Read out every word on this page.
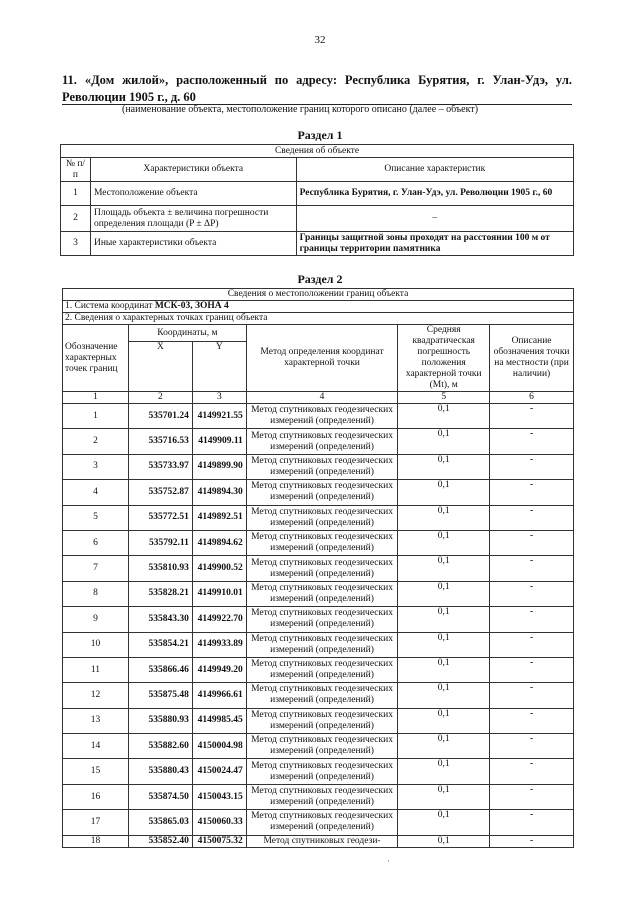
32
11. «Дом жилой», расположенный по адресу: Республика Бурятия, г. Улан-Удэ, ул. Революции 1905 г., д. 60
(наименование объекта, местоположение границ которого описано (далее – объект)
Раздел 1
Сведения об объекте		
№ п/п	Характеристики объекта	Описание характеристик
1	Местоположение объекта	Республика Бурятия, г. Улан-Удэ, ул. Революции 1905 г., 60
2	Площадь объекта ± величина погрешности определения площади (P ± ΔP)	–
3	Иные характеристики объекта	Границы защитной зоны проходят на расстоянии 100 м от границы территории памятника
Раздел 2
Сведения о местоположении границ объекта					
1. Система координат МСК-03, ЗОНА 4					
2. Сведения о характерных точках границ объекта					
Обозначение характерных точек границ	Координаты, м		Метод определения координат характерной точки	Средняя квадратическая погрешность положения характерной точки (Mt), м	Описание обозначения точки на местности (при наличии)
	X	Y			
1	2	3	4	5	6
1	535701.24	4149921.55	Метод спутниковых геодезических измерений (определений)	0,1	-
2	535716.53	4149909.11	Метод спутниковых геодезических измерений (определений)	0,1	-
3	535733.97	4149899.90	Метод спутниковых геодезических измерений (определений)	0,1	-
4	535752.87	4149894.30	Метод спутниковых геодезических измерений (определений)	0,1	-
5	535772.51	4149892.51	Метод спутниковых геодезических измерений (определений)	0,1	-
6	535792.11	4149894.62	Метод спутниковых геодезических измерений (определений)	0,1	-
7	535810.93	4149900.52	Метод спутниковых геодезических измерений (определений)	0,1	-
8	535828.21	4149910.01	Метод спутниковых геодезических измерений (определений)	0,1	-
9	535843.30	4149922.70	Метод спутниковых геодезических измерений (определений)	0,1	-
10	535854.21	4149933.89	Метод спутниковых геодезических измерений (определений)	0,1	-
11	535866.46	4149949.20	Метод спутниковых геодезических измерений (определений)	0,1	-
12	535875.48	4149966.61	Метод спутниковых геодезических измерений (определений)	0,1	-
13	535880.93	4149985.45	Метод спутниковых геодезических измерений (определений)	0,1	-
14	535882.60	4150004.98	Метод спутниковых геодезических измерений (определений)	0,1	-
15	535880.43	4150024.47	Метод спутниковых геодезических измерений (определений)	0,1	-
16	535874.50	4150043.15	Метод спутниковых геодезических измерений (определений)	0,1	-
17	535865.03	4150060.33	Метод спутниковых геодезических измерений (определений)	0,1	-
18	535852.40	4150075.32	Метод спутниковых геодези-	0,1	-
·
